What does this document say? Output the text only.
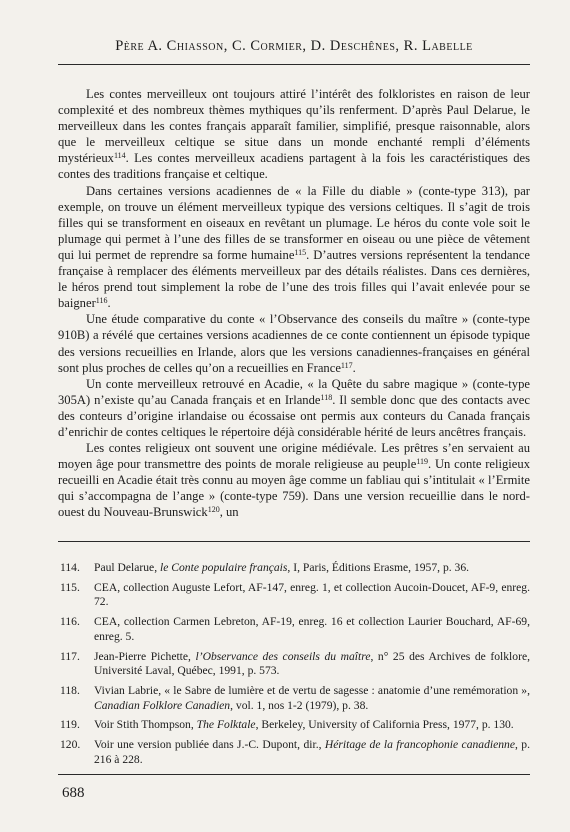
Père A. Chiasson, C. Cormier, D. Deschênes, R. Labelle

Les contes merveilleux ont toujours attiré l’intérêt des folkloristes en raison de leur complexité et des nombreux thèmes mythiques qu’ils renferment. D’après Paul Delarue, le merveilleux dans les contes français apparaît familier, simplifié, presque raisonnable, alors que le merveilleux celtique se situe dans un monde enchanté rempli d’éléments mystérieux$^{114}$. Les contes merveilleux acadiens partagent à la fois les caractéristiques des contes des traditions française et celtique.

Dans certaines versions acadiennes de « la Fille du diable » (conte-type 313), par exemple, on trouve un élément merveilleux typique des versions celtiques. Il s’agit de trois filles qui se transforment en oiseaux en revêtant un plumage. Le héros du conte vole soit le plumage qui permet à l’une des filles de se transformer en oiseau ou une pièce de vêtement qui lui permet de reprendre sa forme humaine$^{115}$. D’autres versions représentent la tendance française à remplacer des éléments merveilleux par des détails réalistes. Dans ces dernières, le héros prend tout simplement la robe de l’une des trois filles qui l’avait enlevée pour se baigner$^{116}$.

Une étude comparative du conte « l’Observance des conseils du maître » (conte-type 910B) a révélé que certaines versions acadiennes de ce conte contiennent un épisode typique des versions recueillies en Irlande, alors que les versions canadiennes-françaises en général sont plus proches de celles qu’on a recueillies en France$^{117}$.

Un conte merveilleux retrouvé en Acadie, « la Quête du sabre magique » (conte-type 305A) n’existe qu’au Canada français et en Irlande$^{118}$. Il semble donc que des contacts avec des conteurs d’origine irlandaise ou écossaise ont permis aux conteurs du Canada français d’enrichir de contes celtiques le répertoire déjà considérable hérité de leurs ancêtres français.

Les contes religieux ont souvent une origine médiévale. Les prêtres s’en servaient au moyen âge pour transmettre des points de morale religieuse au peuple$^{119}$. Un conte religieux recueilli en Acadie était très connu au moyen âge comme un fabliau qui s’intitulait « l’Ermite qui s’accompagna de l’ange » (conte-type 759). Dans une version recueillie dans le nord-ouest du Nouveau-Brunswick$^{120}$, un

114.	Paul Delarue, le Conte populaire français, I, Paris, Éditions Erasme, 1957, p. 36.
115.	CEA, collection Auguste Lefort, AF-147, enreg. 1, et collection Aucoin-Doucet, AF-9, enreg. 72.
116.	CEA, collection Carmen Lebreton, AF-19, enreg. 16 et collection Laurier Bouchard, AF-69, enreg. 5.
117.	Jean-Pierre Pichette, l’Observance des conseils du maître, n° 25 des Archives de folklore, Université Laval, Québec, 1991, p. 573.
118.	Vivian Labrie, « le Sabre de lumière et de vertu de sagesse : anatomie d’une remémoration », Canadian Folklore Canadien, vol. 1, nos 1-2 (1979), p. 38.
119.	Voir Stith Thompson, The Folktale, Berkeley, University of California Press, 1977, p. 130.
120.	Voir une version publiée dans J.-C. Dupont, dir., Héritage de la francophonie canadienne, p. 216 à 228.
688
